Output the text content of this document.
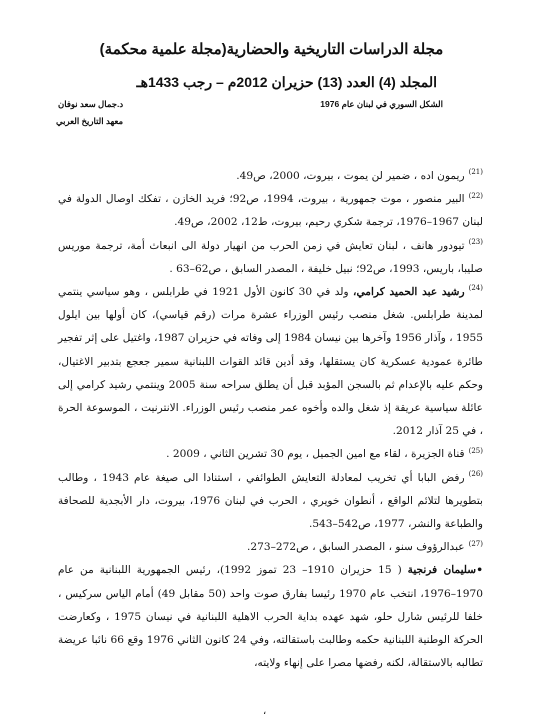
مجلة الدراسات التاريخية والحضارية(مجلة علمية محكمة)
المجلد (4) العدد (13) حزيران 2012م – رجب 1433هـ
الشكل السوري في لبنان عام 1976
د.جمال سعد نوفان
معهد التاريخ العربي

$^{(21)}$ريمون اده ، ضمير لن يموت ، بيروت، 2000، ص49.

$^{(22)}$البير منصور ، موت جمهورية ، بيروت، 1994، ص92؛ فريد الخازن ، تفكك اوصال الدولة في لبنان 1967–1976، ترجمة شكري رحيم، بيروت، ط12، 2002، ص49.

$^{(23)}$تيودور هانف ، لبنان تعايش في زمن الحرب من انهيار دولة الى انبعاث أمة، ترجمة موريس صليبا، باريس، 1993، ص92؛ نبيل خليفة ، المصدر السابق ، ص62–63 .

$^{(24)}$رشيد عبد الحميد كرامي، ولد في 30 كانون الأول 1921 في طرابلس ، وهو سياسي ينتمي لمدينة طرابلس. شغل منصب رئيس الوزراء عشرة مرات (رقم قياسي)، كان أولها بين ايلول 1955 ، وآذار 1956 وآخرها بين نيسان 1984 إلى وفاته في حزيران 1987، واغتيل على إثر تفجير طائرة عمودية عسكرية كان يستقلها، وقد أدين قائد القوات اللبنانية سمير جعجع بتدبير الاغتيال، وحكم عليه بالإعدام ثم بالسجن المؤبد قبل أن يطلق سراحه سنة 2005 وينتمي رشيد كرامي إلى عائلة سياسية عريقة إذ شغل والده وأخوه عمر منصب رئيس الوزراء. الانترنيت ، الموسوعة الحرة ، في 25 آذار 2012.

$^{(25)}$قناة الجزيرة ، لقاء مع امين الجميل ، يوم 30 تشرين الثاني ، 2009 .

$^{(26)}$رفض البابا أي تخريب لمعادلة التعايش الطوائفي ، استنادا الى صيغة عام 1943 ، وطالب بتطويرها لتلائم الواقع ، أنطوان خويري ، الحرب في لبنان 1976، بيروت، دار الأبجدية للصحافة والطباعة والنشر، 1977، ص542–543.

$^{(27)}$عبدالرؤوف سنو ، المصدر السابق ، ص272–273.

•سليمان فرنجية ( 15 حزيران 1910– 23 تموز 1992)، رئيس الجمهورية اللبنانية من عام 1970–1976، انتخب عام 1970 رئيسا بفارق صوت واحد (50 مقابل 49) أمام الياس سركيس ، خلفا للرئيس شارل حلو، شهد عهده بداية الحرب الاهلية اللبنانية في نيسان 1975 ، وكعارضت الحركة الوطنية اللبنانية حكمه وطالبت باستقالته، وفي 24 كانون الثاني 1976 وقع 66 نائبا عريضة تطالبه بالاستقالة، لكنه رفضها مصرا على إنهاء ولايته،

،
